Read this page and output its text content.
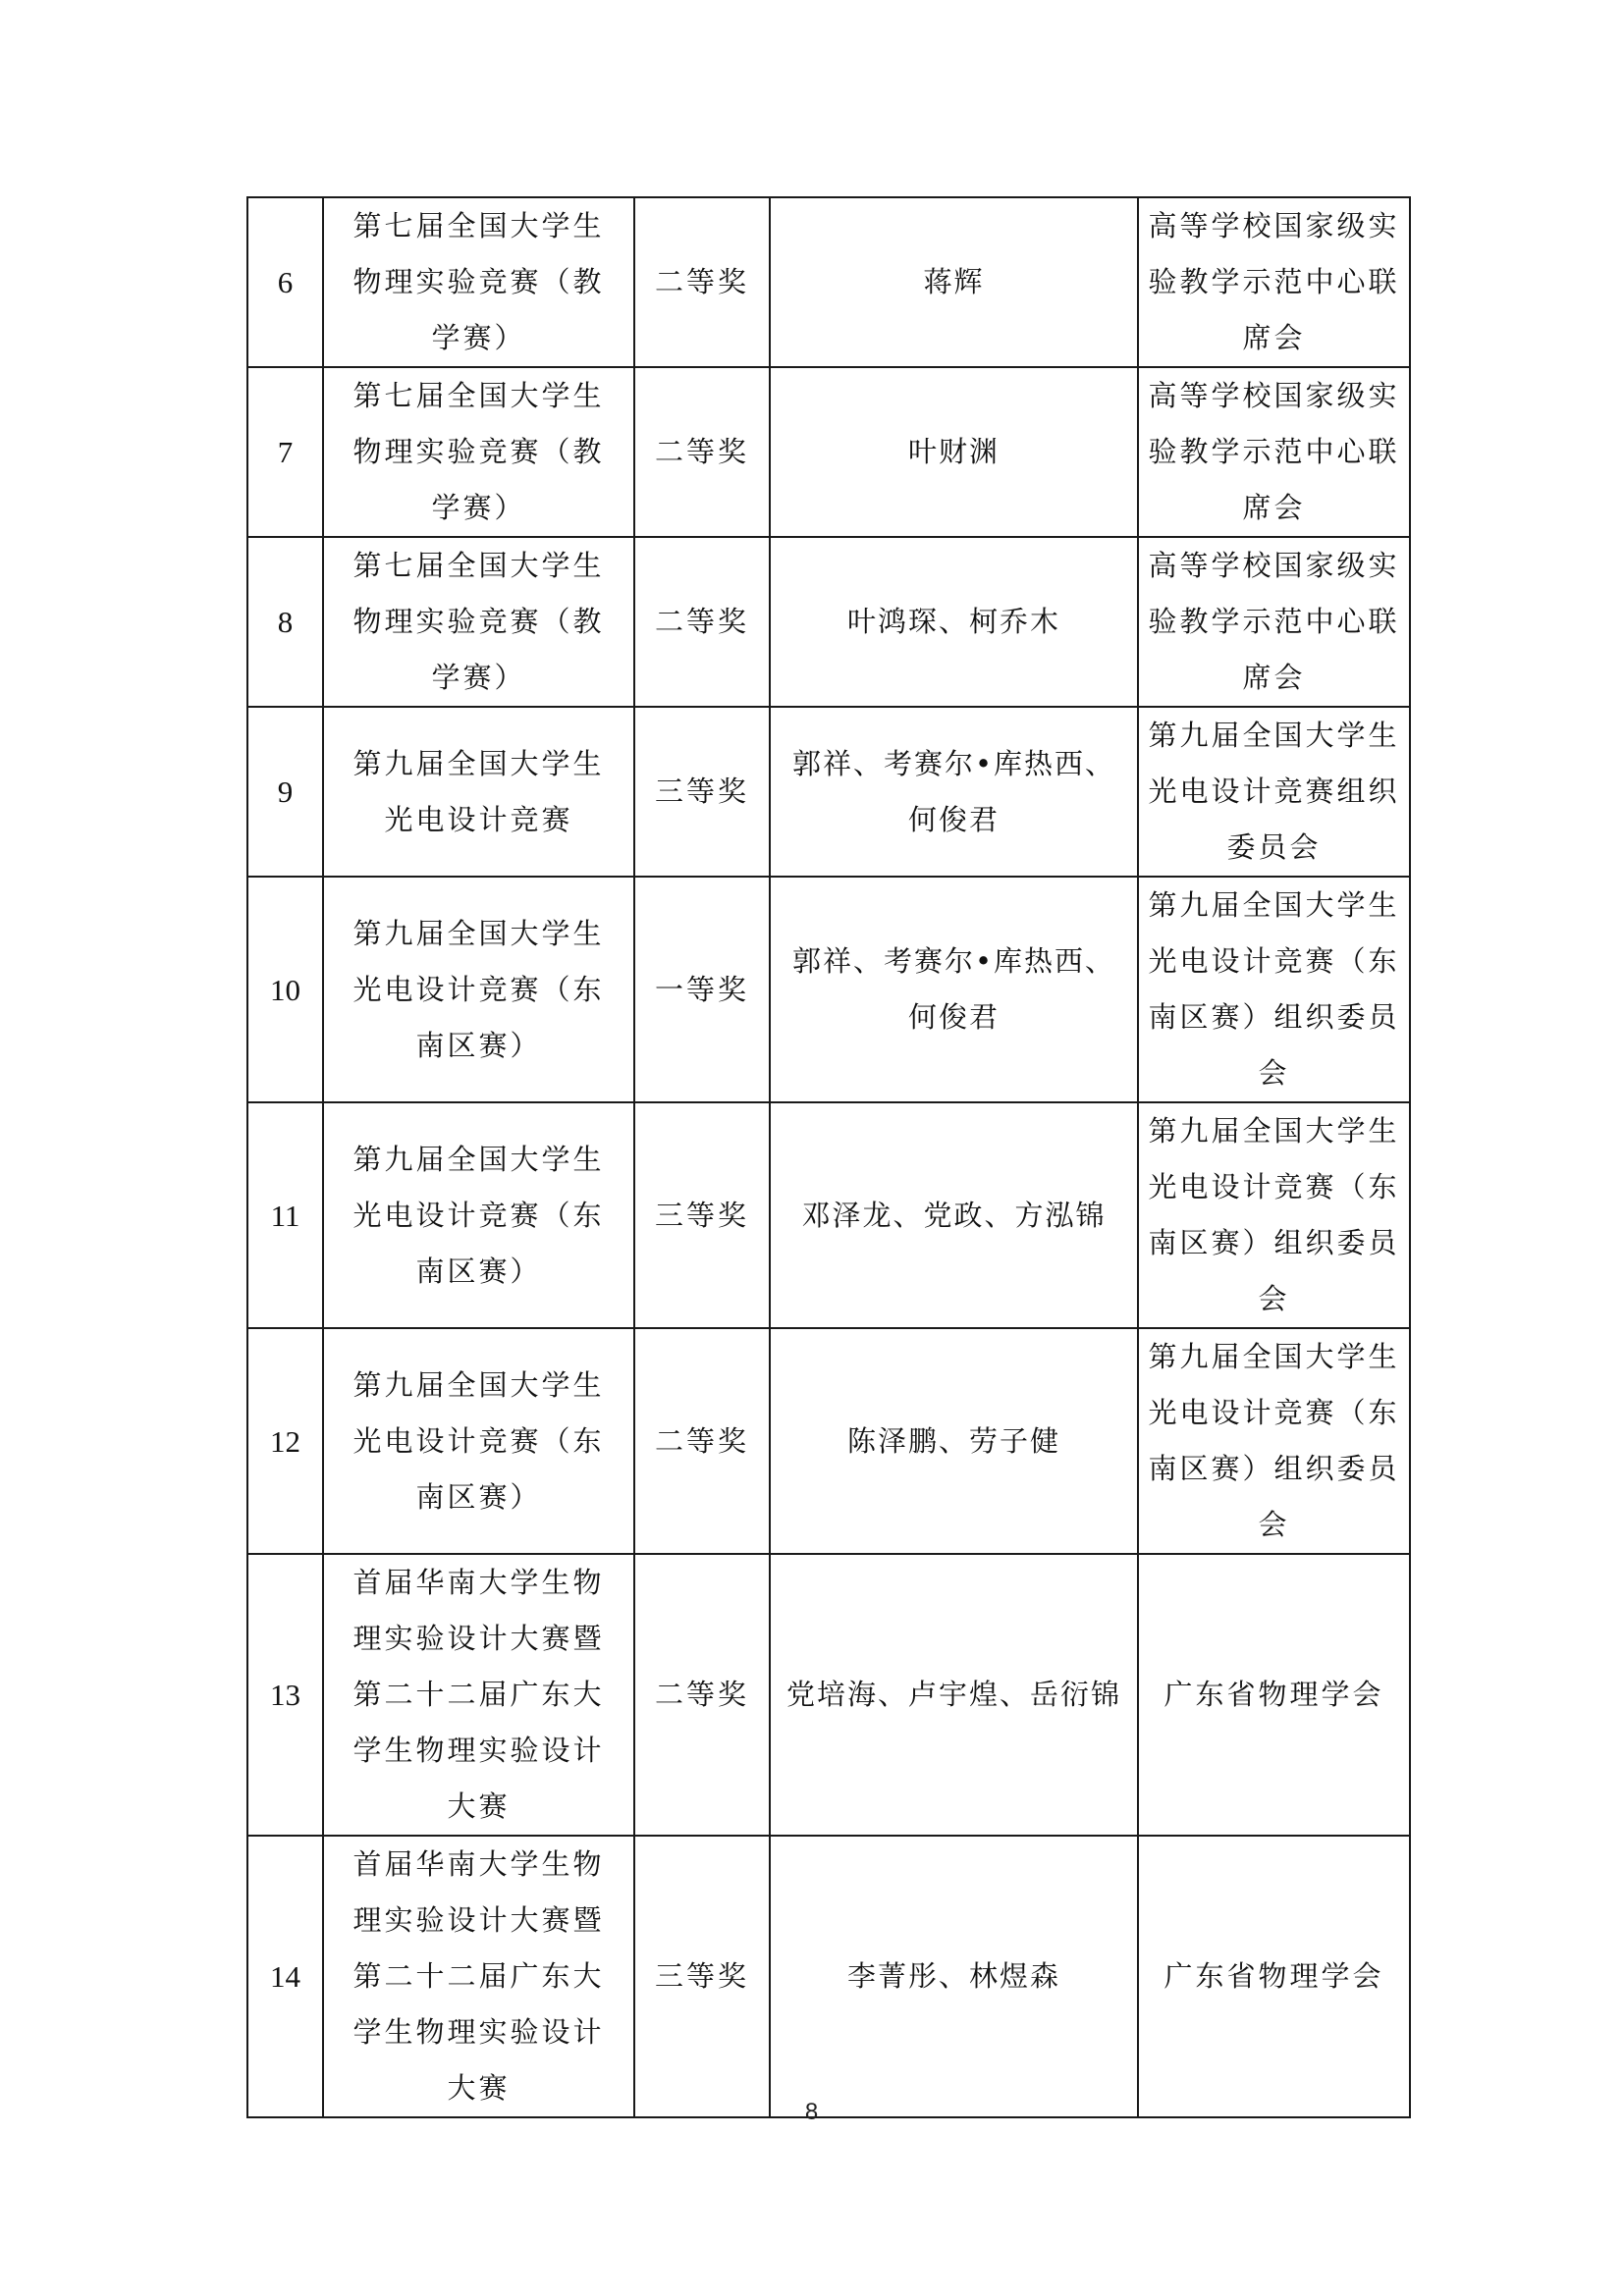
6	第七届全国大学生物理实验竞赛（教学赛）	二等奖	蒋辉	高等学校国家级实验教学示范中心联席会
7	第七届全国大学生物理实验竞赛（教学赛）	二等奖	叶财渊	高等学校国家级实验教学示范中心联席会
8	第七届全国大学生物理实验竞赛（教学赛）	二等奖	叶鸿琛、柯乔木	高等学校国家级实验教学示范中心联席会
9	第九届全国大学生光电设计竞赛	三等奖	郭祥、考赛尔•库热西、何俊君	第九届全国大学生光电设计竞赛组织委员会
10	第九届全国大学生光电设计竞赛（东南区赛）	一等奖	郭祥、考赛尔•库热西、何俊君	第九届全国大学生光电设计竞赛（东南区赛）组织委员会
11	第九届全国大学生光电设计竞赛（东南区赛）	三等奖	邓泽龙、党政、方泓锦	第九届全国大学生光电设计竞赛（东南区赛）组织委员会
12	第九届全国大学生光电设计竞赛（东南区赛）	二等奖	陈泽鹏、劳子健	第九届全国大学生光电设计竞赛（东南区赛）组织委员会
13	首届华南大学生物理实验设计大赛暨第二十二届广东大学生物理实验设计大赛	二等奖	党培海、卢宇煌、岳衍锦	广东省物理学会
14	首届华南大学生物理实验设计大赛暨第二十二届广东大学生物理实验设计大赛	三等奖	李菁彤、林煜森	广东省物理学会
8
